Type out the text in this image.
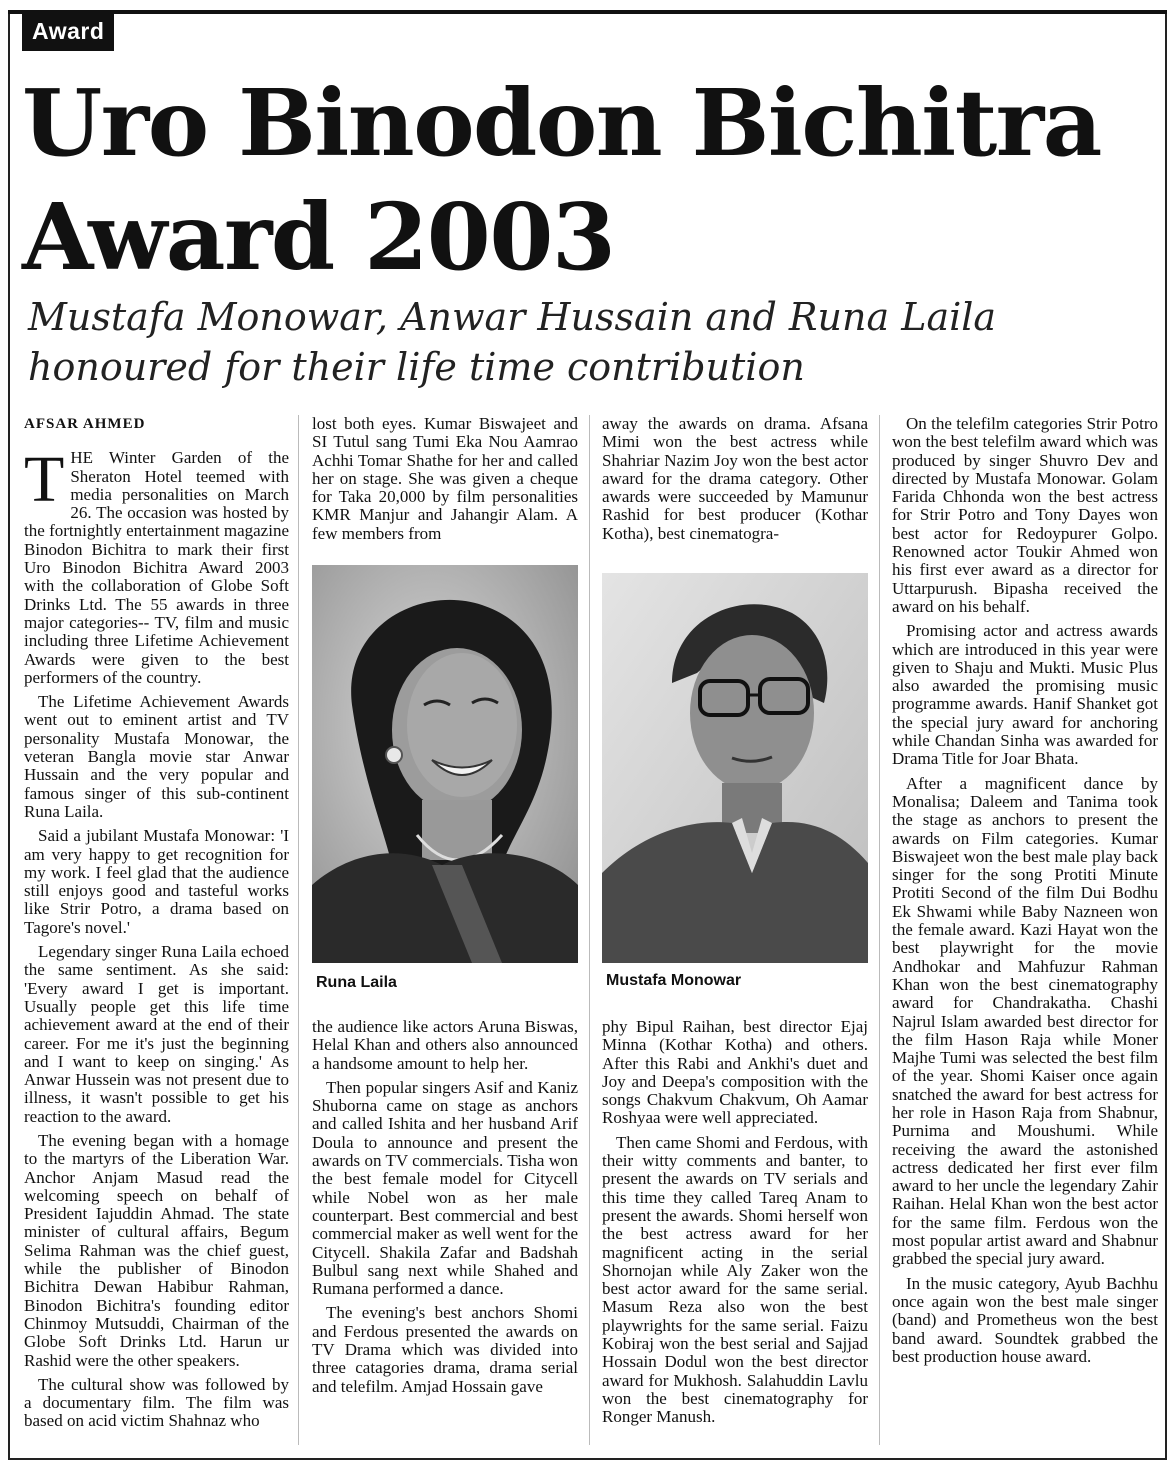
Award
Uro Binodon Bichitra Award 2003
Mustafa Monowar, Anwar Hussain and Runa Laila honoured for their life time contribution
AFSAR AHMED

THE Winter Garden of the Sheraton Hotel teemed with media personalities on March 26. The occasion was hosted by the fortnightly entertainment magazine Binodon Bichitra to mark their first Uro Binodon Bichitra Award 2003 with the collaboration of Globe Soft Drinks Ltd. The 55 awards in three major categories-- TV, film and music including three Lifetime Achievement Awards were given to the best performers of the country.

The Lifetime Achievement Awards went out to eminent artist and TV personality Mustafa Monowar, the veteran Bangla movie star Anwar Hussain and the very popular and famous singer of this sub-continent Runa Laila.

Said a jubilant Mustafa Monowar: 'I am very happy to get recognition for my work. I feel glad that the audience still enjoys good and tasteful works like Strir Potro, a drama based on Tagore's novel.'

Legendary singer Runa Laila echoed the same sentiment. As she said: 'Every award I get is important. Usually people get this life time achievement award at the end of their career. For me it's just the beginning and I want to keep on singing.' As Anwar Hussein was not present due to illness, it wasn't possible to get his reaction to the award.

The evening began with a homage to the martyrs of the Liberation War. Anchor Anjam Masud read the welcoming speech on behalf of President Iajuddin Ahmad. The state minister of cultural affairs, Begum Selima Rahman was the chief guest, while the publisher of Binodon Bichitra Dewan Habibur Rahman, Binodon Bichitra's founding editor Chinmoy Mutsuddi, Chairman of the Globe Soft Drinks Ltd. Harun ur Rashid were the other speakers.

The cultural show was followed by a documentary film. The film was based on acid victim Shahnaz who

lost both eyes. Kumar Biswajeet and SI Tutul sang Tumi Eka Nou Aamrao Achhi Tomar Shathe for her and called her on stage. She was given a cheque for Taka 20,000 by film personalities KMR Manjur and Jahangir Alam. A few members from

away the awards on drama. Afsana Mimi won the best actress while Shahriar Nazim Joy won the best actor award for the drama category. Other awards were succeeded by Mamunur Rashid for best producer (Kothar Kotha), best cinematogra-

Runa Laila	Mustafa Monowar

the audience like actors Aruna Biswas, Helal Khan and others also announced a handsome amount to help her.

Then popular singers Asif and Kaniz Shuborna came on stage as anchors and called Ishita and her husband Arif Doula to announce and present the awards on TV commercials. Tisha won the best female model for Citycell while Nobel won as her male counterpart. Best commercial and best commercial maker as well went for the Citycell. Shakila Zafar and Badshah Bulbul sang next while Shahed and Rumana performed a dance.

The evening's best anchors Shomi and Ferdous presented the awards on TV Drama which was divided into three catagories drama, drama serial and telefilm. Amjad Hossain gave

phy Bipul Raihan, best director Ejaj Minna (Kothar Kotha) and others. After this Rabi and Ankhi's duet and Joy and Deepa's composition with the songs Chakvum Chakvum, Oh Aamar Roshyaa were well appreciated.

Then came Shomi and Ferdous, with their witty comments and banter, to present the awards on TV serials and this time they called Tareq Anam to present the awards. Shomi herself won the best actress award for her magnificent acting in the serial Shornojan while Aly Zaker won the best actor award for the same serial. Masum Reza also won the best playwrights for the same serial. Faizu Kobiraj won the best serial and Sajjad Hossain Dodul won the best director award for Mukhosh. Salahuddin Lavlu won the best cinematography for Ronger Manush.

On the telefilm categories Strir Potro won the best telefilm award which was produced by singer Shuvro Dev and directed by Mustafa Monowar. Golam Farida Chhonda won the best actress for Strir Potro and Tony Dayes won best actor for Redoypurer Golpo. Renowned actor Toukir Ahmed won his first ever award as a director for Uttarpurush. Bipasha received the award on his behalf.

Promising actor and actress awards which are introduced in this year were given to Shaju and Mukti. Music Plus also awarded the promising music programme awards. Hanif Shanket got the special jury award for anchoring while Chandan Sinha was awarded for Drama Title for Joar Bhata.

After a magnificent dance by Monalisa; Daleem and Tanima took the stage as anchors to present the awards on Film categories. Kumar Biswajeet won the best male play back singer for the song Protiti Minute Protiti Second of the film Dui Bodhu Ek Shwami while Baby Nazneen won the female award. Kazi Hayat won the best playwright for the movie Andhokar and Mahfuzur Rahman Khan won the best cinematography award for Chandrakatha. Chashi Najrul Islam awarded best director for the film Hason Raja while Moner Majhe Tumi was selected the best film of the year. Shomi Kaiser once again snatched the award for best actress for her role in Hason Raja from Shabnur, Purnima and Moushumi. While receiving the award the astonished actress dedicated her first ever film award to her uncle the legendary Zahir Raihan. Helal Khan won the best actor for the same film. Ferdous won the most popular artist award and Shabnur grabbed the special jury award.

In the music category, Ayub Bachhu once again won the best male singer (band) and Prometheus won the best band award. Soundtek grabbed the best production house award.
